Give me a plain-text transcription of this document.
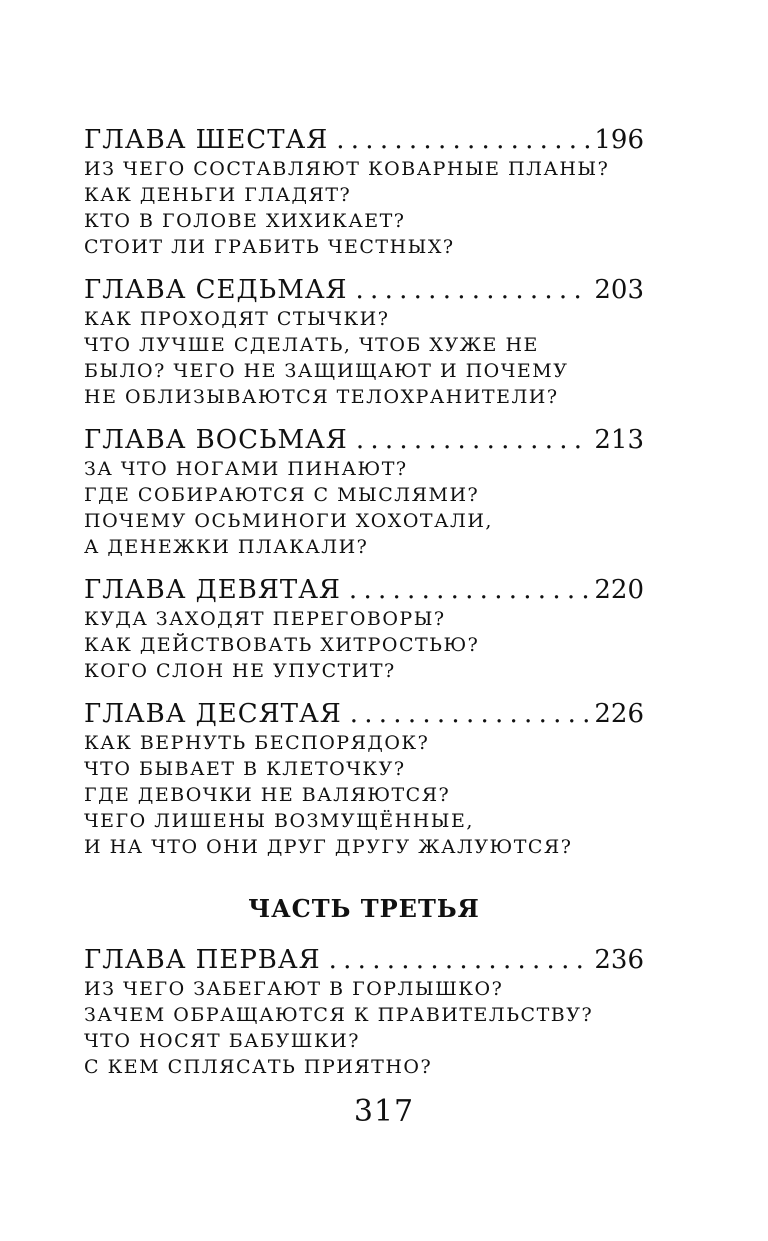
ГЛАВА ШЕСТАЯ . . .	196
ИЗ ЧЕГО СОСТАВЛЯЮТ КОВАРНЫЕ ПЛАНЫ?
КАК ДЕНЬГИ ГЛАДЯТ?
КТО В ГОЛОВЕ ХИХИКАЕТ?
СТОИТ ЛИ ГРАБИТЬ ЧЕСТНЫХ?
ГЛАВА СЕДЬМАЯ . . .	203
КАК ПРОХОДЯТ СТЫЧКИ?
ЧТО ЛУЧШЕ СДЕЛАТЬ, ЧТОБ ХУЖЕ НЕ
БЫЛО? ЧЕГО НЕ ЗАЩИЩАЮТ И ПОЧЕМУ
НЕ ОБЛИЗЫВАЮТСЯ ТЕЛОХРАНИТЕЛИ?
ГЛАВА ВОСЬМАЯ . . .	213
ЗА ЧТО НОГАМИ ПИНАЮТ?
ГДЕ СОБИРАЮТСЯ С МЫСЛЯМИ?
ПОЧЕМУ ОСЬМИНОГИ ХОХОТАЛИ,
А ДЕНЕЖКИ ПЛАКАЛИ?
ГЛАВА ДЕВЯТАЯ . . .	220
КУДА ЗАХОДЯТ ПЕРЕГОВОРЫ?
КАК ДЕЙСТВОВАТЬ ХИТРОСТЬЮ?
КОГО СЛОН НЕ УПУСТИТ?
ГЛАВА ДЕСЯТАЯ . . .	226
КАК ВЕРНУТЬ БЕСПОРЯДОК?
ЧТО БЫВАЕТ В КЛЕТОЧКУ?
ГДЕ ДЕВОЧКИ НЕ ВАЛЯЮТСЯ?
ЧЕГО ЛИШЕНЫ ВОЗМУЩЁННЫЕ,
И НА ЧТО ОНИ ДРУГ ДРУГУ ЖАЛУЮТСЯ?
ЧАСТЬ ТРЕТЬЯ
ГЛАВА ПЕРВАЯ . . .	236
ИЗ ЧЕГО ЗАБЕГАЮТ В ГОРЛЫШКО?
ЗАЧЕМ ОБРАЩАЮТСЯ К ПРАВИТЕЛЬСТВУ?
ЧТО НОСЯТ БАБУШКИ?
С КЕМ СПЛЯСАТЬ ПРИЯТНО?
317
